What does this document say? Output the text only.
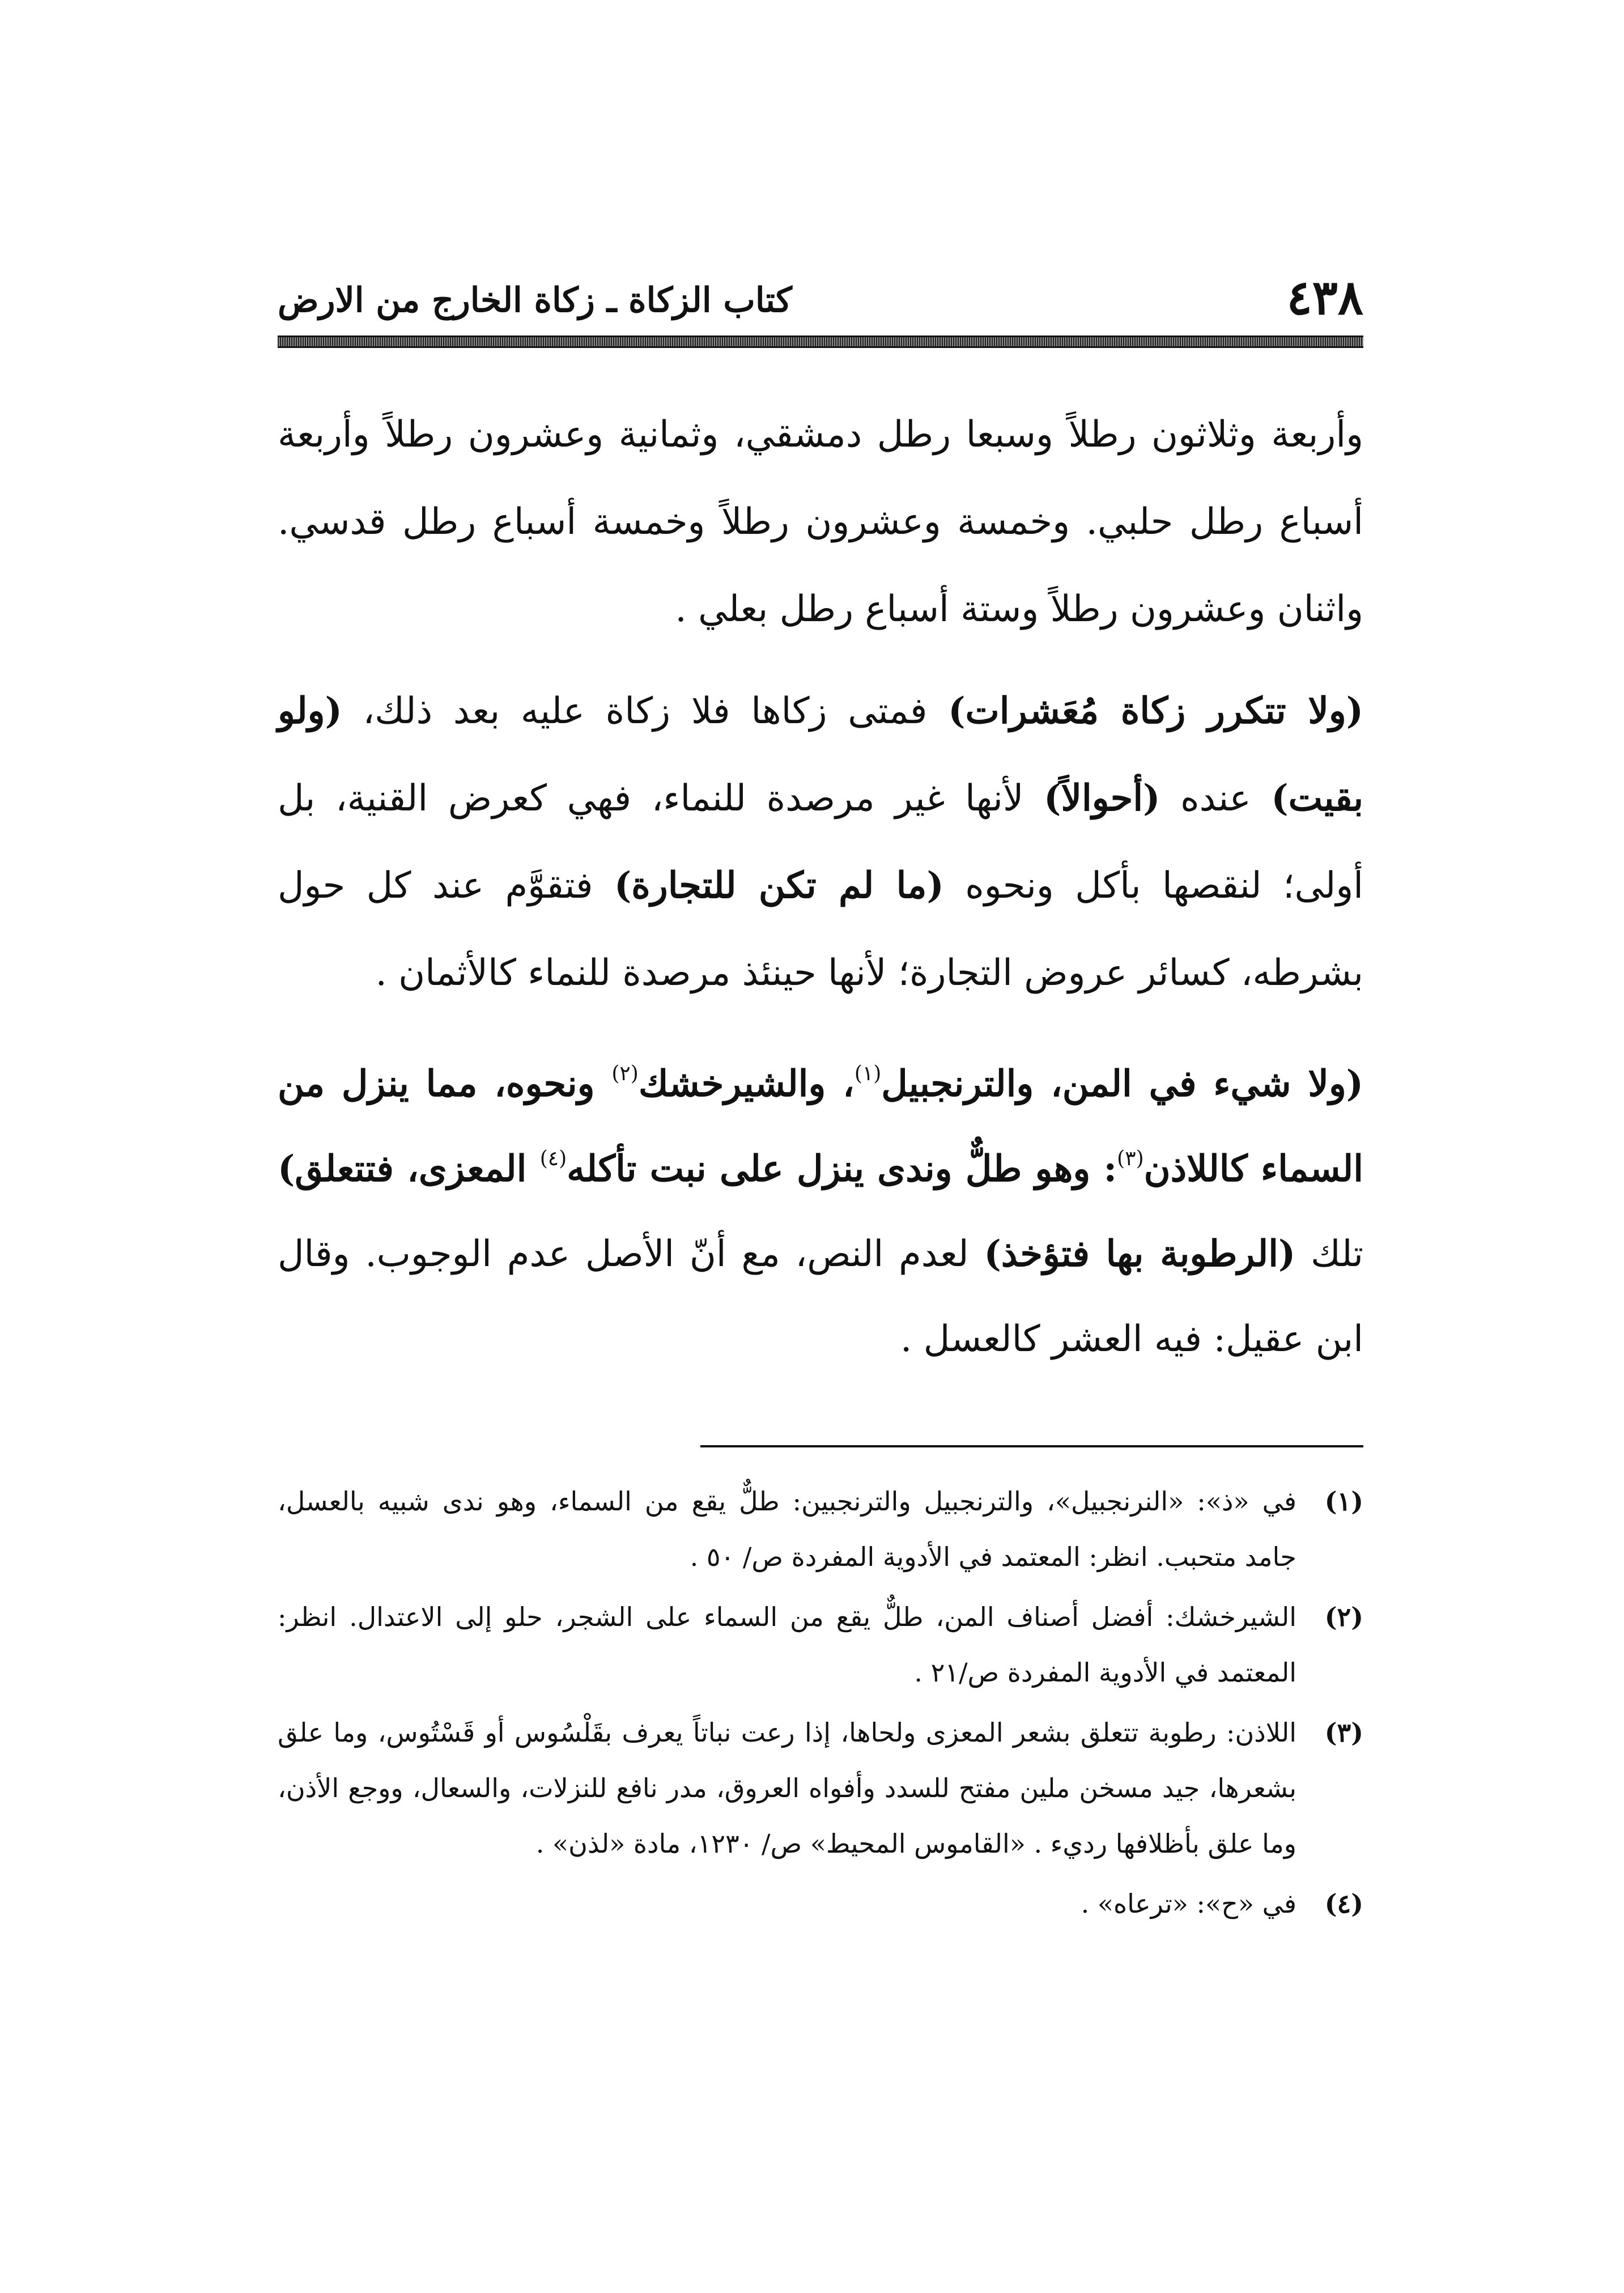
٤٣٨
كتاب الزكاة ـ زكاة الخارج من الارض

وأربعة وثلاثون رطلاً وسبعا رطل دمشقي، وثمانية وعشرون رطلاً وأربعة أسباع رطل حلبي. وخمسة وعشرون رطلاً وخمسة أسباع رطل قدسي. واثنان وعشرون رطلاً وستة أسباع رطل بعلي .

(ولا تتكرر زكاة مُعَشرات) فمتى زكاها فلا زكاة عليه بعد ذلك، (ولو بقيت) عنده (أحوالاً) لأنها غير مرصدة للنماء، فهي كعرض القنية، بل أولى؛ لنقصها بأكل ونحوه (ما لم تكن للتجارة) فتقوَّم عند كل حول بشرطه، كسائر عروض التجارة؛ لأنها حينئذ مرصدة للنماء كالأثمان .

(ولا شيء في المن، والترنجبيل$^{(١)}$، والشيرخشك$^{(٢)}$ ونحوه، مما ينزل من السماء كاللاذن$^{(٣)}$: وهو طلٌّ وندى ينزل على نبت تأكله$^{(٤)}$ المعزى، فتتعلق) تلك (الرطوبة بها فتؤخذ) لعدم النص، مع أنّ الأصل عدم الوجوب. وقال ابن عقيل: فيه العشر كالعسل .

(١)
في «ذ»: «النرنجبيل»، والترنجبيل والترنجبين: طلٌّ يقع من السماء، وهو ندى شبيه بالعسل، جامد متحبب. انظر: المعتمد في الأدوية المفردة ص/ ٥٠ .
(٢)
الشيرخشك: أفضل أصناف المن، طلٌّ يقع من السماء على الشجر، حلو إلى الاعتدال. انظر: المعتمد في الأدوية المفردة ص/٢١ .
(٣)
اللاذن: رطوبة تتعلق بشعر المعزى ولحاها، إذا رعت نباتاً يعرف بقَلْسُوس أو قَسْتُوس، وما علق بشعرها، جيد مسخن ملين مفتح للسدد وأفواه العروق، مدر نافع للنزلات، والسعال، ووجع الأذن، وما علق بأظلافها رديء . «القاموس المحيط» ص/ ١٢٣٠، مادة «لذن» .
(٤)
في «ح»: «ترعاه» .
